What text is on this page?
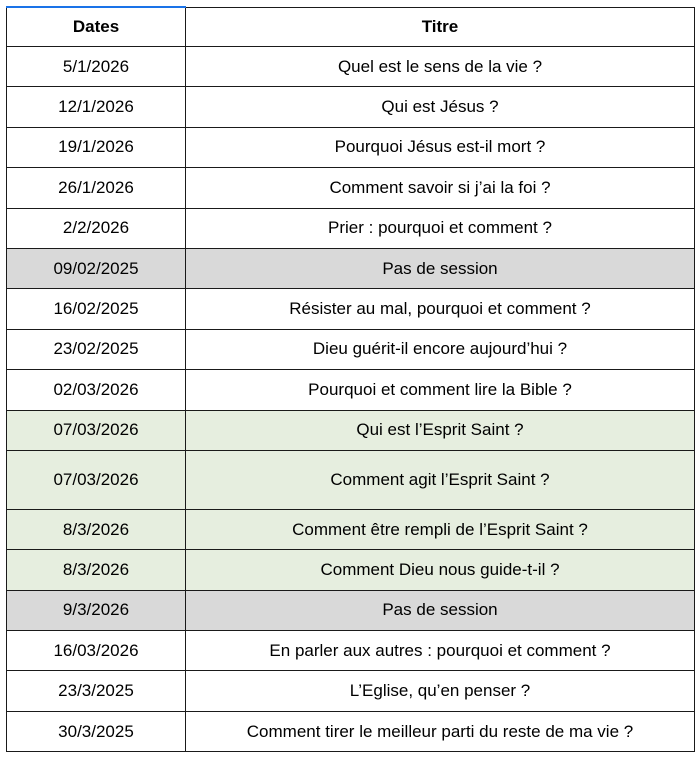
Dates	Titre
5/1/2026	Quel est le sens de la vie ?
12/1/2026	Qui est Jésus ?
19/1/2026	Pourquoi Jésus est-il mort ?
26/1/2026	Comment savoir si j’ai la foi ?
2/2/2026	Prier : pourquoi et comment ?
09/02/2025	Pas de session
16/02/2025	Résister au mal, pourquoi et comment ?
23/02/2025	Dieu guérit-il encore aujourd’hui ?
02/03/2026	Pourquoi et comment lire la Bible ?
07/03/2026	Qui est l’Esprit Saint ?
07/03/2026	Comment agit l’Esprit Saint ?
8/3/2026	Comment être rempli de l’Esprit Saint ?
8/3/2026	Comment Dieu nous guide-t-il ?
9/3/2026	Pas de session
16/03/2026	En parler aux autres : pourquoi et comment ?
23/3/2025	L’Eglise, qu’en penser ?
30/3/2025	Comment tirer le meilleur parti du reste de ma vie ?
